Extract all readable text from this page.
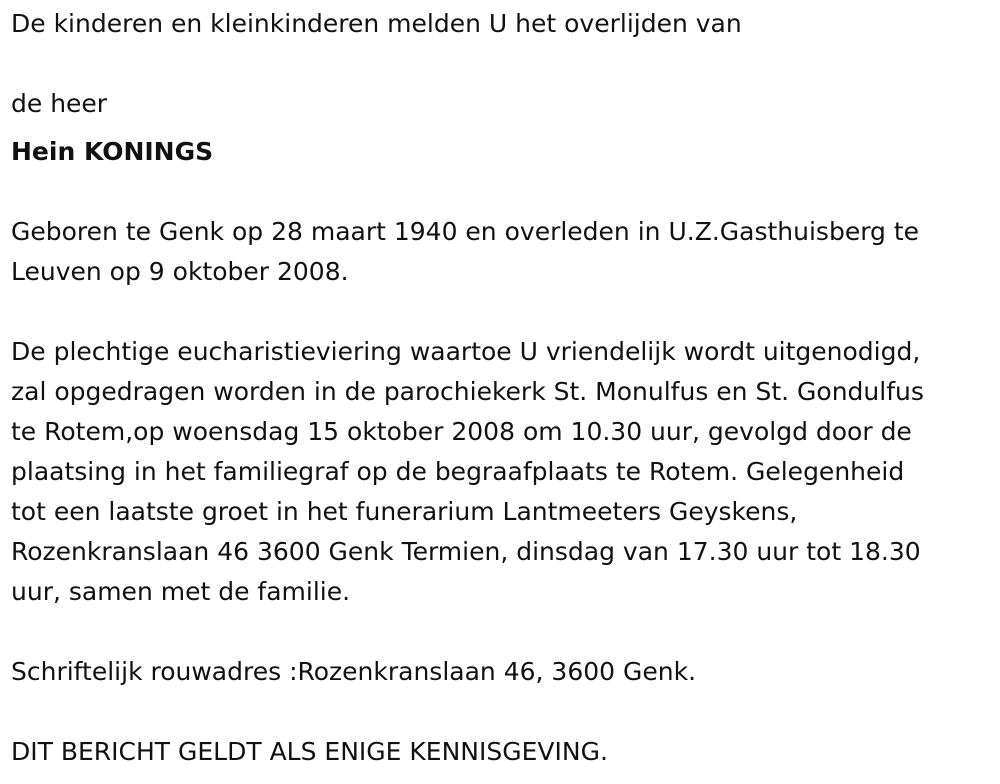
De kinderen en kleinkinderen melden U het overlijden van

de heer

Hein KONINGS

Geboren te Genk op 28 maart 1940 en overleden in U.Z.Gasthuisberg te
Leuven op 9 oktober 2008.

De plechtige eucharistieviering waartoe U vriendelijk wordt uitgenodigd,
zal opgedragen worden in de parochiekerk St. Monulfus en St. Gondulfus
te Rotem,op woensdag 15 oktober 2008 om 10.30 uur, gevolgd door de
plaatsing in het familiegraf op de begraafplaats te Rotem. Gelegenheid
tot een laatste groet in het funerarium Lantmeeters Geyskens,
Rozenkranslaan 46 3600 Genk Termien, dinsdag van 17.30 uur tot 18.30
uur, samen met de familie.

Schriftelijk rouwadres :Rozenkranslaan 46, 3600 Genk.

DIT BERICHT GELDT ALS ENIGE KENNISGEVING.
